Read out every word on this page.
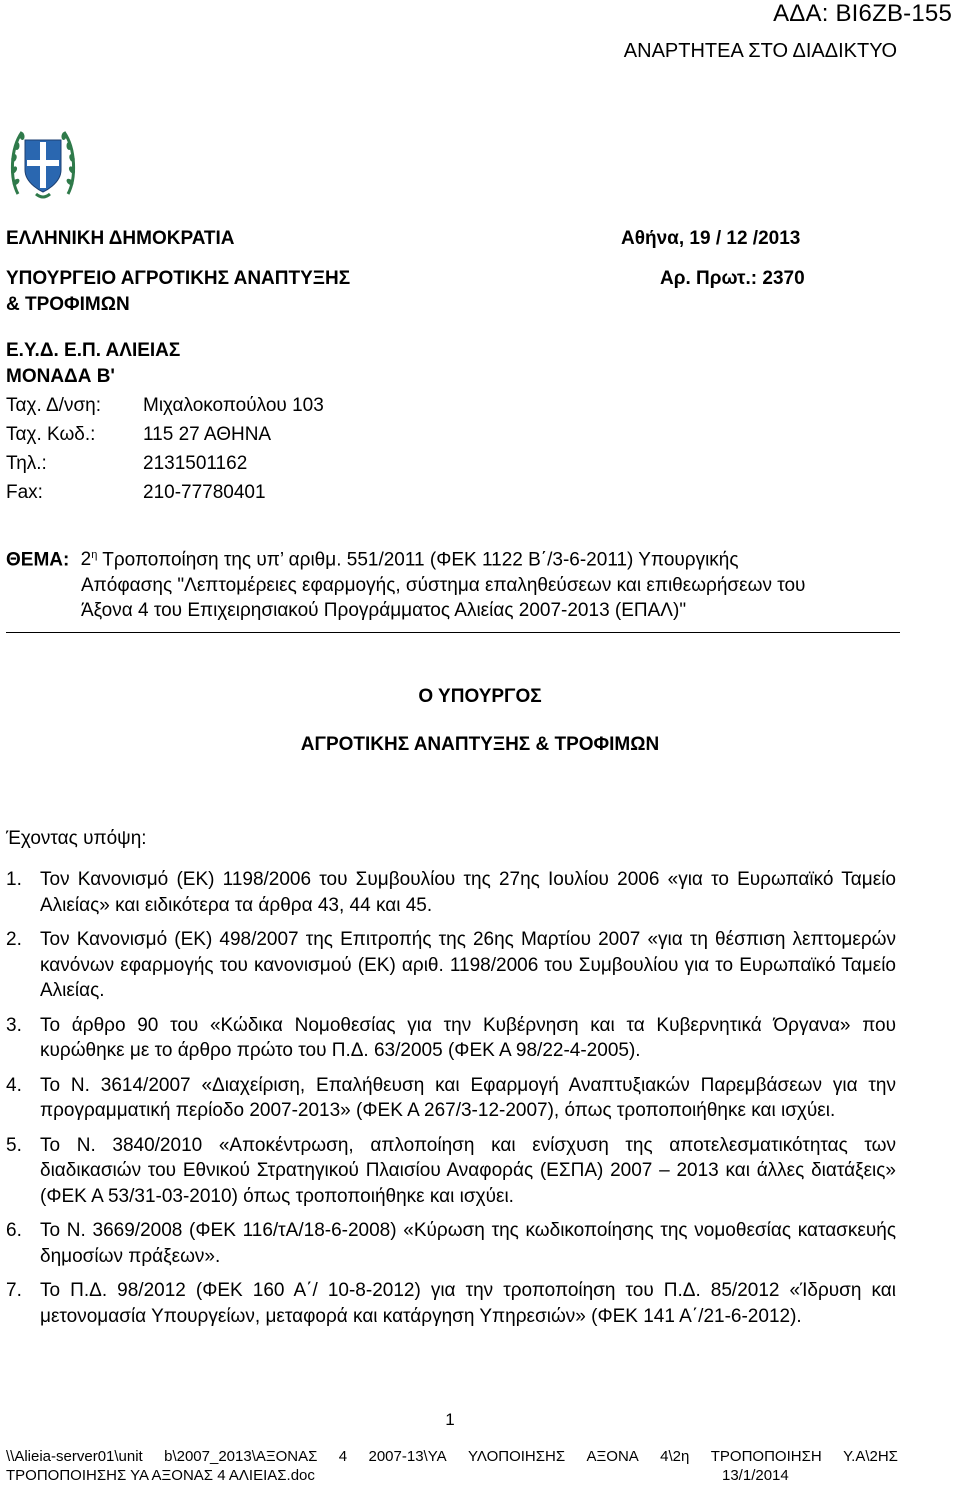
ΑΔΑ: ΒΙ6ΖΒ-155
ΑΝΑΡΤΗΤΕΑ ΣΤΟ ΔΙΑΔΙΚΤΥΟ
ΕΛΛΗΝΙΚΗ ΔΗΜΟΚΡΑΤΙΑ	Αθήνα, 19 / 12 /2013
ΥΠΟΥΡΓΕΙΟ ΑΓΡΟΤΙΚΗΣ ΑΝΑΠΤΥΞΗΣ	Αρ. Πρωτ.: 2370
& ΤΡΟΦΙΜΩΝ
Ε.Υ.Δ. Ε.Π. ΑΛΙΕΙΑΣ
ΜΟΝΑΔΑ Β'
Ταχ. Δ/νση: Μιχαλοκοπούλου 103
Ταχ. Κωδ.:	115 27 ΑΘΗΝΑ
Τηλ.:	2131501162
Fax:	210-77780401
ΘΕΜΑ: $2^\eta$ Τροποποίηση της υπ’ αριθμ. 551/2011 (ΦΕΚ 1122 Β΄/3-6-2011) Υπουργικής
Απόφασης "Λεπτομέρειες εφαρμογής, σύστημα επαληθεύσεων και επιθεωρήσεων του
Άξονα 4 του Επιχειρησιακού Προγράμματος Αλιείας 2007-2013 (ΕΠΑΛ)"
Ο ΥΠΟΥΡΓΟΣ
ΑΓΡΟΤΙΚΗΣ ΑΝΑΠΤΥΞΗΣ & ΤΡΟΦΙΜΩΝ
Έχοντας υπόψη:
1. Τον Κανονισμό (ΕΚ) 1198/2006 του Συμβουλίου της 27ης Ιουλίου 2006 «για το Ευρωπαϊκό Ταμείο Αλιείας» και ειδικότερα τα άρθρα 43, 44 και 45.
2. Τον Κανονισμό (ΕΚ) 498/2007 της Επιτροπής της 26ης Μαρτίου 2007 «για τη θέσπιση λεπτομερών κανόνων εφαρμογής του κανονισμού (ΕΚ) αριθ. 1198/2006 του Συμβουλίου για το Ευρωπαϊκό Ταμείο Αλιείας.
3. Το άρθρο 90 του «Κώδικα Νομοθεσίας για την Κυβέρνηση και τα Κυβερνητικά Όργανα» που κυρώθηκε με το άρθρο πρώτο του Π.Δ. 63/2005 (ΦΕΚ Α 98/22-4-2005).
4. Το Ν. 3614/2007 «Διαχείριση, Επαλήθευση και Εφαρμογή Αναπτυξιακών Παρεμβάσεων για την προγραμματική περίοδο 2007-2013» (ΦΕΚ Α 267/3-12-2007), όπως τροποποιήθηκε και ισχύει.
5. Το Ν. 3840/2010 «Αποκέντρωση, απλοποίηση και ενίσχυση της αποτελεσματικότητας των διαδικασιών του Εθνικού Στρατηγικού Πλαισίου Αναφοράς (ΕΣΠΑ) 2007 – 2013 και άλλες διατάξεις» (ΦΕΚ Α 53/31-03-2010) όπως τροποποιήθηκε και ισχύει.
6. Το Ν. 3669/2008 (ΦΕΚ 116/τΑ/18-6-2008) «Κύρωση της κωδικοποίησης της νομοθεσίας κατασκευής δημοσίων πράξεων».
7. Το Π.Δ. 98/2012 (ΦΕΚ 160 Α΄/ 10-8-2012) για την τροποποίηση του Π.Δ. 85/2012 «Ίδρυση και μετονομασία Υπουργείων, μεταφορά και κατάργηση Υπηρεσιών» (ΦΕΚ 141 Α΄/21-6-2012).
1
\\Alieia-server01\unit b\2007_2013\ΑΞΟΝΑΣ 4 2007-13\ΥΑ ΥΛΟΠΟΙΗΣΗΣ ΑΞΟΝΑ 4\2η ΤΡΟΠΟΠΟΙΗΣΗ Υ.Α\2ΗΣ
ΤΡΟΠΟΠΟΙΗΣΗΣ ΥΑ ΑΞΟΝΑΣ 4 ΑΛΙΕΙΑΣ.doc	13/1/2014
